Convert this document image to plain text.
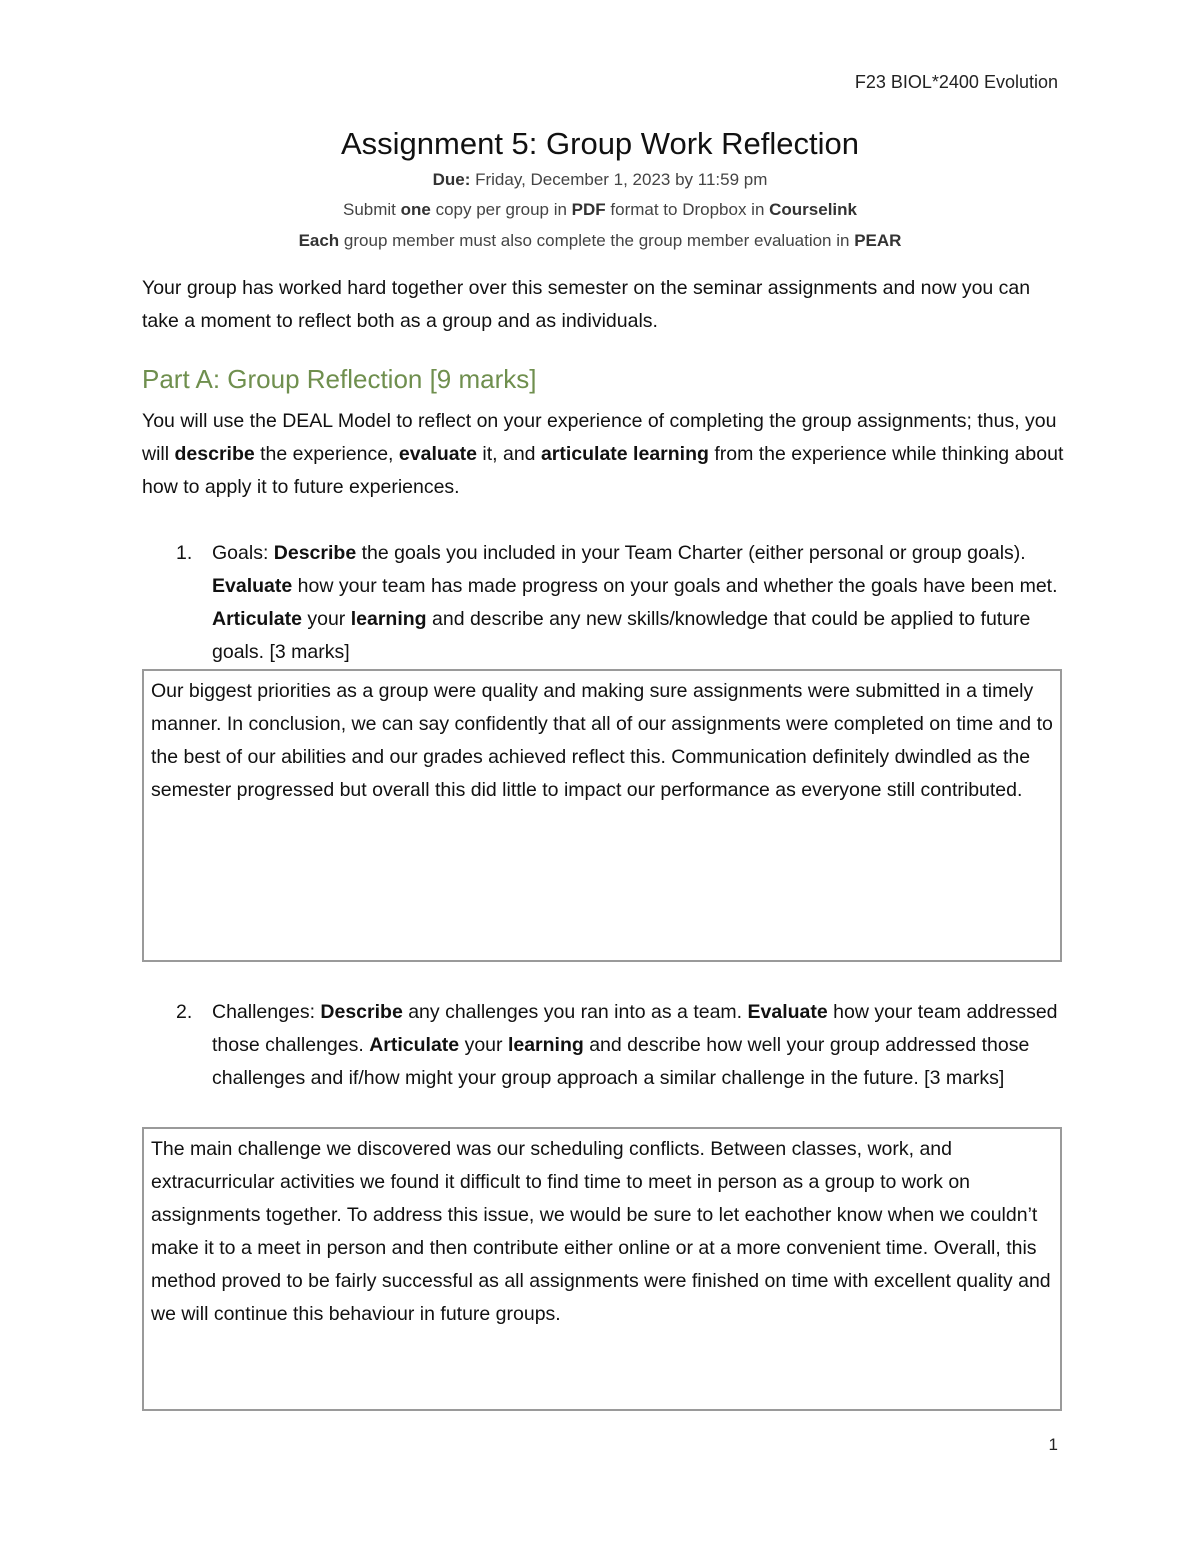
F23 BIOL*2400 Evolution
Assignment 5: Group Work Reflection
Due: Friday, December 1, 2023 by 11:59 pm
Submit one copy per group in PDF format to Dropbox in Courselink
Each group member must also complete the group member evaluation in PEAR
Your group has worked hard together over this semester on the seminar assignments and now you can take a moment to reflect both as a group and as individuals.
Part A: Group Reflection [9 marks]
You will use the DEAL Model to reflect on your experience of completing the group assignments; thus, you will describe the experience, evaluate it, and articulate learning from the experience while thinking about how to apply it to future experiences.
1. Goals: Describe the goals you included in your Team Charter (either personal or group goals). Evaluate how your team has made progress on your goals and whether the goals have been met. Articulate your learning and describe any new skills/knowledge that could be applied to future goals. [3 marks]
Our biggest priorities as a group were quality and making sure assignments were submitted in a timely manner. In conclusion, we can say confidently that all of our assignments were completed on time and to the best of our abilities and our grades achieved reflect this. Communication definitely dwindled as the semester progressed but overall this did little to impact our performance as everyone still contributed.
2. Challenges: Describe any challenges you ran into as a team. Evaluate how your team addressed those challenges. Articulate your learning and describe how well your group addressed those challenges and if/how might your group approach a similar challenge in the future. [3 marks]
The main challenge we discovered was our scheduling conflicts. Between classes, work, and extracurricular activities we found it difficult to find time to meet in person as a group to work on assignments together. To address this issue, we would be sure to let eachother know when we couldn’t make it to a meet in person and then contribute either online or at a more convenient time. Overall, this method proved to be fairly successful as all assignments were finished on time with excellent quality and we will continue this behaviour in future groups.
1
